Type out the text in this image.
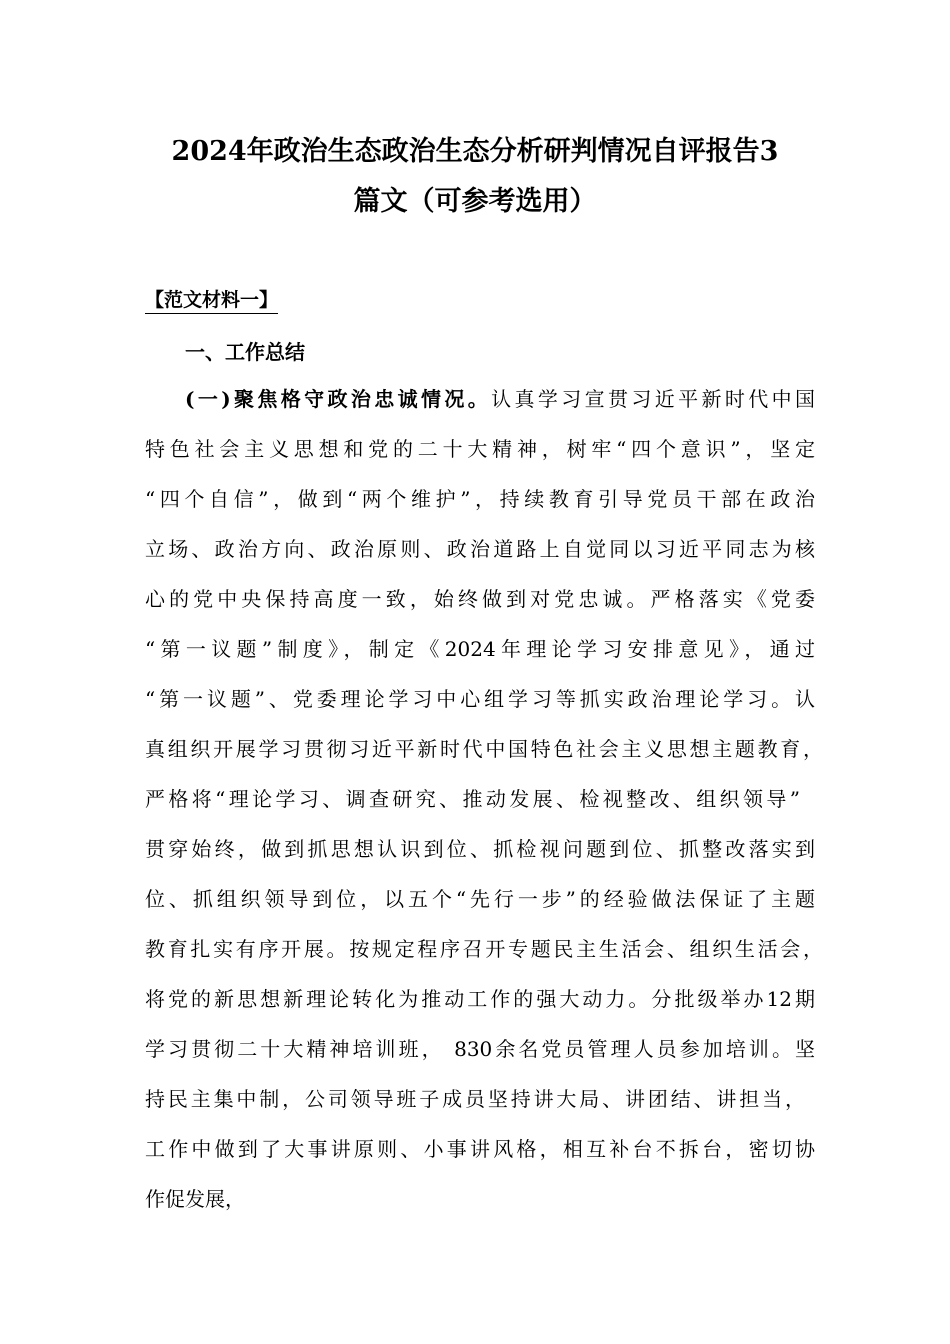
2024年政治生态政治生态分析研判情况自评报告3
篇文（可参考选用）
【范文材料一】
一、工作总结
(一)聚焦格守政治忠诚情况。认真学习宣贯习近平新时代中国
特色社会主义思想和党的二十大精神，树牢“四个意识”，坚定
“四个自信”，做到“两个维护”，持续教育引导党员干部在政治
立场、政治方向、政治原则、政治道路上自觉同以习近平同志为核
心的党中央保持高度一致，始终做到对党忠诚。严格落实《党委
“第一议题”制度》，制定《2024年理论学习安排意见》，通过
“第一议题”、党委理论学习中心组学习等抓实政治理论学习。认
真组织开展学习贯彻习近平新时代中国特色社会主义思想主题教育，
严格将“理论学习、调查研究、推动发展、检视整改、组织领导”
贯穿始终，做到抓思想认识到位、抓检视问题到位、抓整改落实到
位、抓组织领导到位，以五个“先行一步”的经验做法保证了主题
教育扎实有序开展。按规定程序召开专题民主生活会、组织生活会，
将党的新思想新理论转化为推动工作的强大动力。分批级举办12期
学习贯彻二十大精神培训班， 830余名党员管理人员参加培训。坚
持民主集中制，公司领导班子成员坚持讲大局、讲团结、讲担当，
工作中做到了大事讲原则、小事讲风格，相互补台不拆台，密切协
作促发展，
